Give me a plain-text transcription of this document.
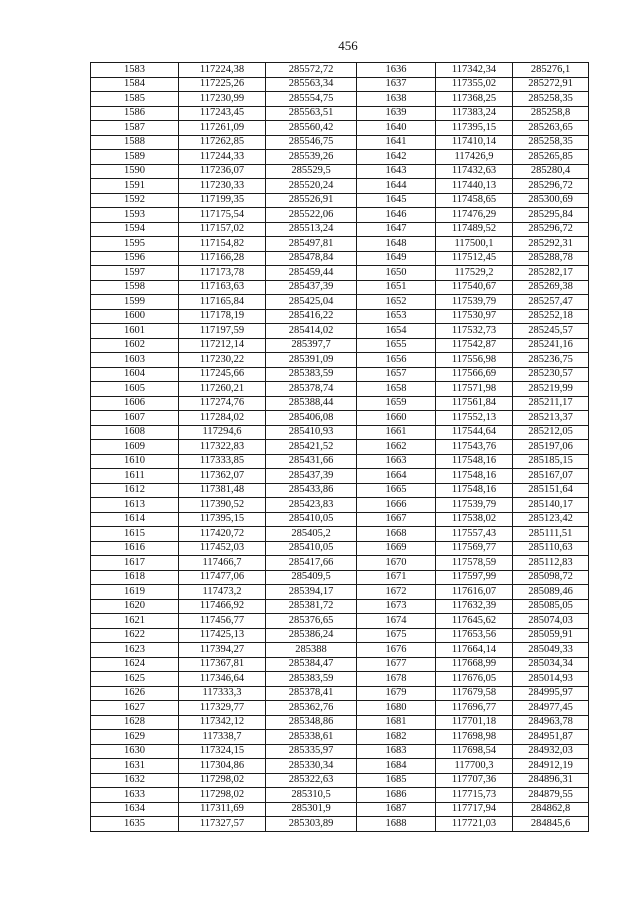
456
1583	117224,38	285572,72	1636	117342,34	285276,1
1584	117225,26	285563,34	1637	117355,02	285272,91
1585	117230,99	285554,75	1638	117368,25	285258,35
1586	117243,45	285563,51	1639	117383,24	285258,8
1587	117261,09	285560,42	1640	117395,15	285263,65
1588	117262,85	285546,75	1641	117410,14	285258,35
1589	117244,33	285539,26	1642	117426,9	285265,85
1590	117236,07	285529,5	1643	117432,63	285280,4
1591	117230,33	285520,24	1644	117440,13	285296,72
1592	117199,35	285526,91	1645	117458,65	285300,69
1593	117175,54	285522,06	1646	117476,29	285295,84
1594	117157,02	285513,24	1647	117489,52	285296,72
1595	117154,82	285497,81	1648	117500,1	285292,31
1596	117166,28	285478,84	1649	117512,45	285288,78
1597	117173,78	285459,44	1650	117529,2	285282,17
1598	117163,63	285437,39	1651	117540,67	285269,38
1599	117165,84	285425,04	1652	117539,79	285257,47
1600	117178,19	285416,22	1653	117530,97	285252,18
1601	117197,59	285414,02	1654	117532,73	285245,57
1602	117212,14	285397,7	1655	117542,87	285241,16
1603	117230,22	285391,09	1656	117556,98	285236,75
1604	117245,66	285383,59	1657	117566,69	285230,57
1605	117260,21	285378,74	1658	117571,98	285219,99
1606	117274,76	285388,44	1659	117561,84	285211,17
1607	117284,02	285406,08	1660	117552,13	285213,37
1608	117294,6	285410,93	1661	117544,64	285212,05
1609	117322,83	285421,52	1662	117543,76	285197,06
1610	117333,85	285431,66	1663	117548,16	285185,15
1611	117362,07	285437,39	1664	117548,16	285167,07
1612	117381,48	285433,86	1665	117548,16	285151,64
1613	117390,52	285423,83	1666	117539,79	285140,17
1614	117395,15	285410,05	1667	117538,02	285123,42
1615	117420,72	285405,2	1668	117557,43	285111,51
1616	117452,03	285410,05	1669	117569,77	285110,63
1617	117466,7	285417,66	1670	117578,59	285112,83
1618	117477,06	285409,5	1671	117597,99	285098,72
1619	117473,2	285394,17	1672	117616,07	285089,46
1620	117466,92	285381,72	1673	117632,39	285085,05
1621	117456,77	285376,65	1674	117645,62	285074,03
1622	117425,13	285386,24	1675	117653,56	285059,91
1623	117394,27	285388	1676	117664,14	285049,33
1624	117367,81	285384,47	1677	117668,99	285034,34
1625	117346,64	285383,59	1678	117676,05	285014,93
1626	117333,3	285378,41	1679	117679,58	284995,97
1627	117329,77	285362,76	1680	117696,77	284977,45
1628	117342,12	285348,86	1681	117701,18	284963,78
1629	117338,7	285338,61	1682	117698,98	284951,87
1630	117324,15	285335,97	1683	117698,54	284932,03
1631	117304,86	285330,34	1684	117700,3	284912,19
1632	117298,02	285322,63	1685	117707,36	284896,31
1633	117298,02	285310,5	1686	117715,73	284879,55
1634	117311,69	285301,9	1687	117717,94	284862,8
1635	117327,57	285303,89	1688	117721,03	284845,6
